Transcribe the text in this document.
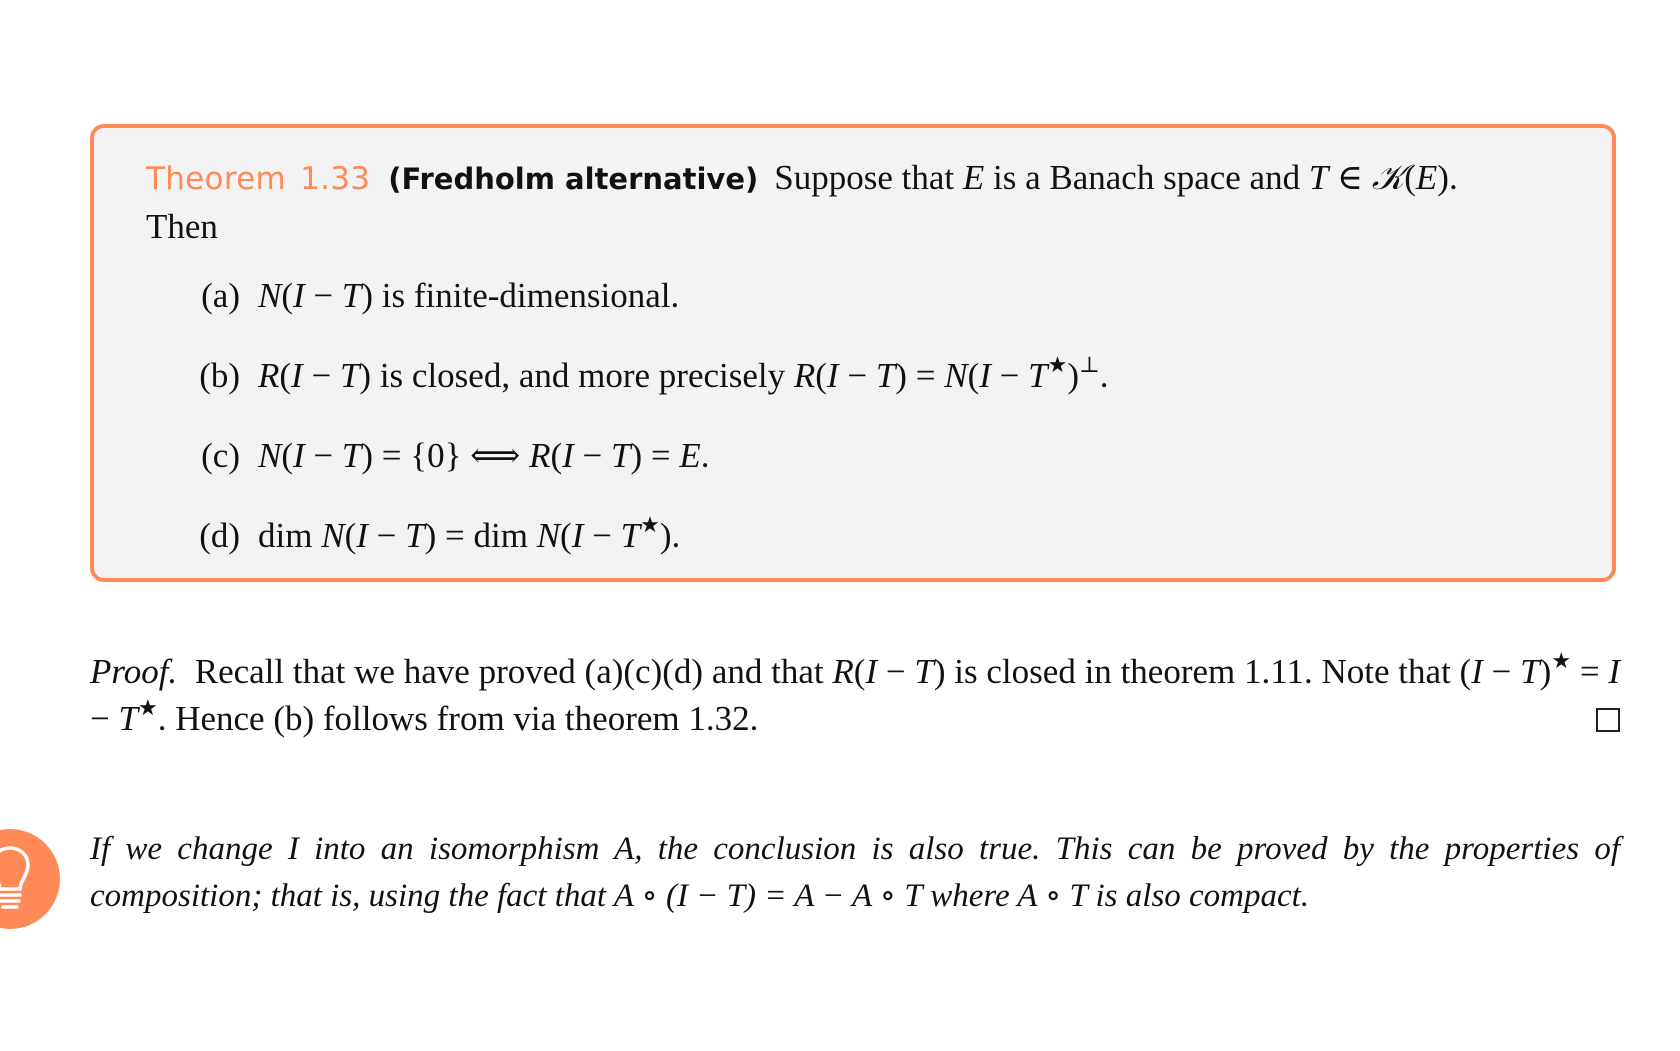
Theorem 1.33 (Fredholm alternative) Suppose that E is a Banach space and T ∈ 𝒦(E).
Then
(a) N(I − T) is finite-dimensional.
(b) R(I − T) is closed, and more precisely R(I − T) = N(I − T★)⊥.
(c) N(I − T) = {0} ⟺ R(I − T) = E.
(d) dim N(I − T) = dim N(I − T★).
Proof. Recall that we have proved (a)(c)(d) and that R(I − T) is closed in theorem 1.11. Note that (I − T)★ = I − T★. Hence (b) follows from via theorem 1.32.
If we change I into an isomorphism A, the conclusion is also true. This can be proved by the properties of composition; that is, using the fact that A ∘ (I − T) = A − A ∘ T where A ∘ T is also compact.
